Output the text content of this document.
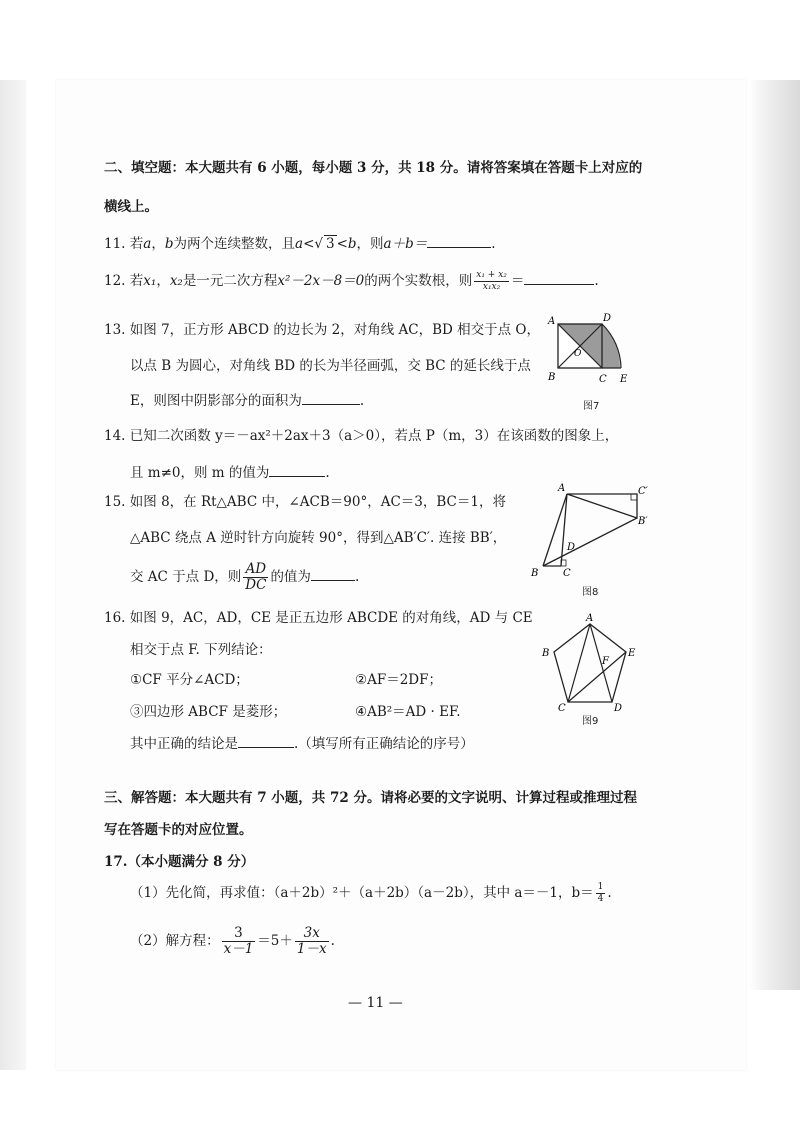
二、填空题：本大题共有 6 小题，每小题 3 分，共 18 分。请将答案填在答题卡上对应的
横线上。
11. 若a，b为两个连续整数，且a<√ 3 <b，则a＋b＝	.
12. 若x₁，x₂是一元二次方程x²－2x－8＝0的两个实数根，则 $\frac{\text{x₁ + x₂}}{\text{x₁x₂}}$ ＝	.
13. 如图 7，正方形 ABCD 的边长为 2，对角线 AC，BD 相交于点 O，
以点 B 为圆心，对角线 BD 的长为半径画弧，交 BC 的延长线于点
E，则图中阴影部分的面积为	.
A	D
O
B	C E
图7
14. 已知二次函数 y＝－ax²＋2ax＋3（a＞0），若点 P（m，3）在该函数的图象上，
且 m≠0，则 m 的值为	.
15. 如图 8，在 Rt△ABC 中，∠ACB＝90°，AC＝3，BC＝1，将
△ABC 绕点 A 逆时针方向旋转 90°，得到△AB′C′. 连接 BB′，
交 AC 于点 D，则 $\frac{AD}{DC}$ 的值为	.
A	C′
B′
D
B C
图8
16. 如图 9，AC，AD，CE 是正五边形 ABCDE 的对角线，AD 与 CE
相交于点 F. 下列结论：
①CF 平分∠ACD；	②AF＝2DF；
③四边形 ABCF 是菱形；	④AB²＝AD · EF.
其中正确的结论是	.（填写所有正确结论的序号）
A
B
F
E
C	D
图9
三、解答题：本大题共有 7 小题，共 72 分。请将必要的文字说明、计算过程或推理过程
写在答题卡的对应位置。
17.（本小题满分 8 分）
（1）先化简，再求值：（a＋2b）²＋（a＋2b）（a－2b），其中 a＝－1，$b= \frac{1}{4}$ .
（2）解方程： $\frac{3}{x-1} =5+ \frac{3x}{1-x}$ .
— 11 —
